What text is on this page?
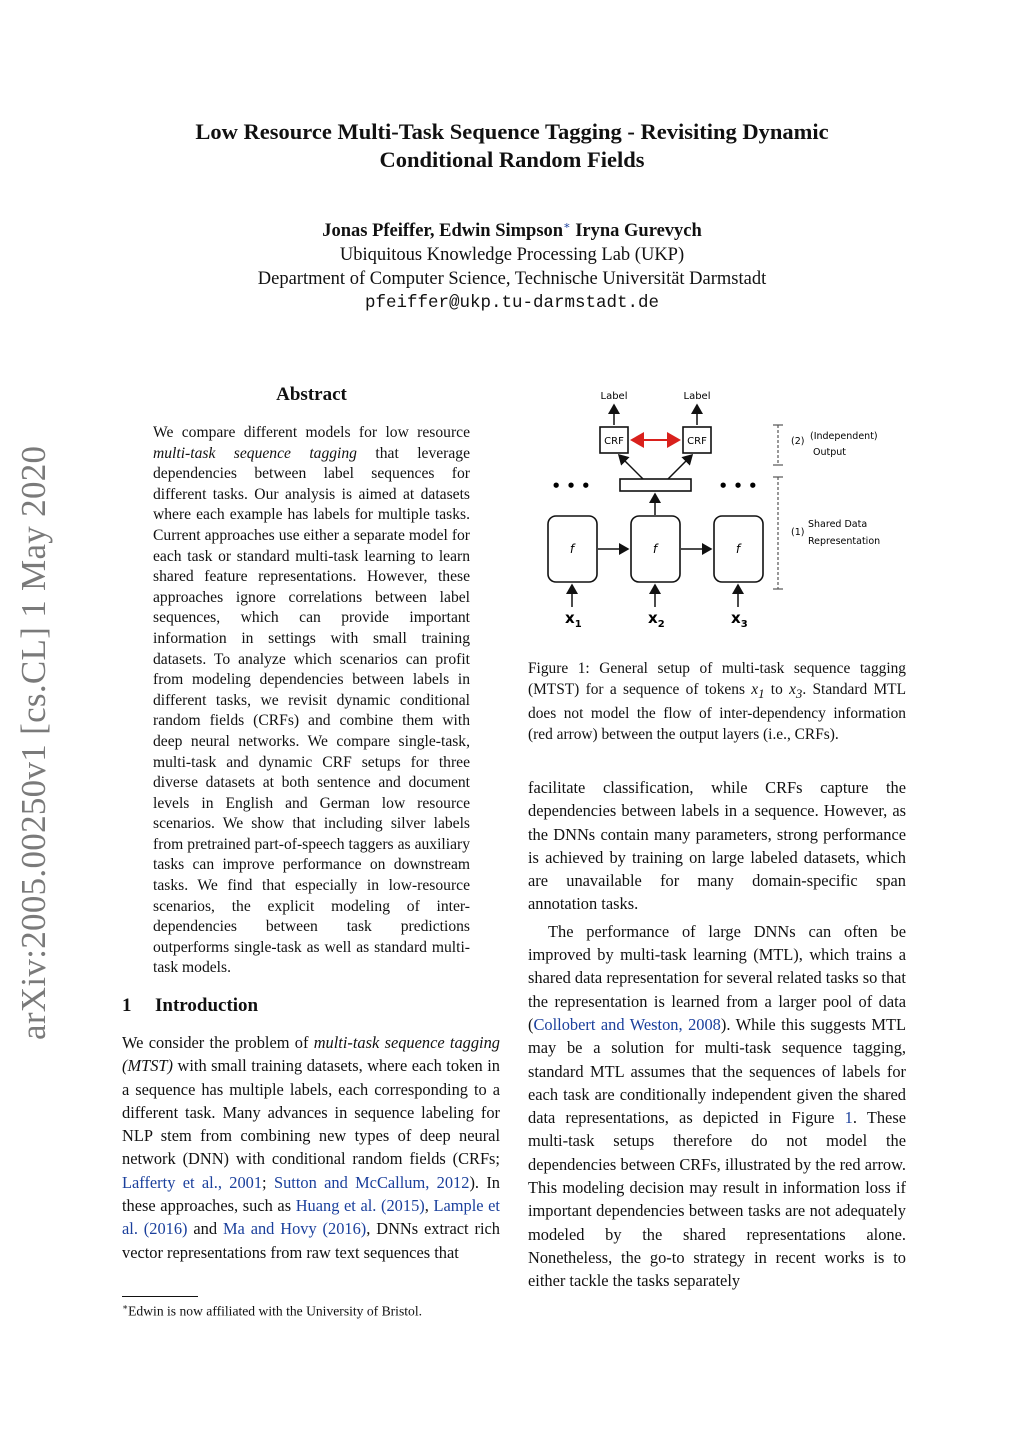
Low Resource Multi-Task Sequence Tagging - Revisiting Dynamic
Conditional Random Fields
Jonas Pfeiffer, Edwin Simpson∗ Iryna Gurevych
Ubiquitous Knowledge Processing Lab (UKP)
Department of Computer Science, Technische Universität Darmstadt
pfeiffer@ukp.tu-darmstadt.de
arXiv:2005.00250v1 [cs.CL] 1 May 2020
Abstract
We compare different models for low resource multi-task sequence tagging that leverage dependencies between label sequences for different tasks. Our analysis is aimed at datasets where each example has labels for multiple tasks. Current approaches use either a separate model for each task or standard multi-task learning to learn shared feature representations. However, these approaches ignore correlations between label sequences, which can provide important information in settings with small training datasets. To analyze which scenarios can profit from modeling dependencies between labels in different tasks, we revisit dynamic conditional random fields (CRFs) and combine them with deep neural networks. We compare single-task, multi-task and dynamic CRF setups for three diverse datasets at both sentence and document levels in English and German low resource scenarios. We show that including silver labels from pretrained part-of-speech taggers as auxiliary tasks can improve performance on downstream tasks. We find that especially in low-resource scenarios, the explicit modeling of inter-dependencies between task predictions outperforms single-task as well as standard multi-task models.
1 Introduction
We consider the problem of multi-task sequence tagging (MTST) with small training datasets, where each token in a sequence has multiple labels, each corresponding to a different task. Many advances in sequence labeling for NLP stem from combining new types of deep neural network (DNN) with conditional random fields (CRFs; Lafferty et al., 2001; Sutton and McCallum, 2012). In these approaches, such as Huang et al. (2015), Lample et al. (2016) and Ma and Hovy (2016), DNNs extract rich vector representations from raw text sequences that
∗Edwin is now affiliated with the University of Bristol.
Label	Label
CRF	CRF
• • •	• • •
f	f	f
$x_1$	$x_2$	$x_3$
(2) (Independent)
Output
(1)
Shared Data
Representation
Figure 1: General setup of multi-task sequence tagging (MTST) for a sequence of tokens $x_1$ to $x_3$. Standard MTL does not model the flow of inter-dependency information (red arrow) between the output layers (i.e., CRFs).

facilitate classification, while CRFs capture the dependencies between labels in a sequence. However, as the DNNs contain many parameters, strong performance is achieved by training on large labeled datasets, which are unavailable for many domain-specific span annotation tasks.

The performance of large DNNs can often be improved by multi-task learning (MTL), which trains a shared data representation for several related tasks so that the representation is learned from a larger pool of data (Collobert and Weston, 2008). While this suggests MTL may be a solution for multi-task sequence tagging, standard MTL assumes that the sequences of labels for each task are conditionally independent given the shared data representations, as depicted in Figure 1. These multi-task setups therefore do not model the dependencies between CRFs, illustrated by the red arrow. This modeling decision may result in information loss if important dependencies between tasks are not adequately modeled by the shared representations alone. Nonetheless, the go-to strategy in recent works is to either tackle the tasks separately
